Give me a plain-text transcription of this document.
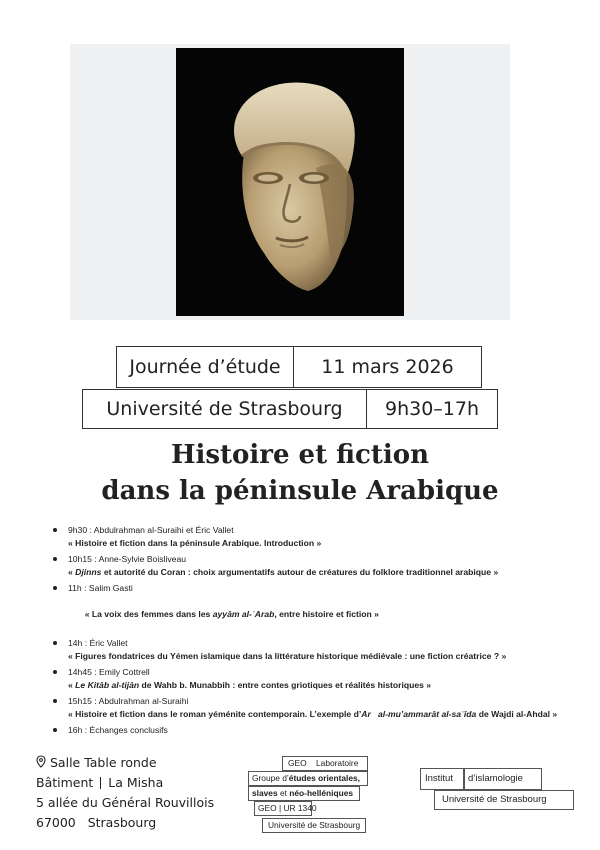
Journée d’étude 11 mars 2026
Université de Strasbourg 9h30–17h
Histoire et fiction
dans la péninsule Arabique
9h30 : Abdulrahman al-Suraihi et Éric Vallet
« Histoire et fiction dans la péninsule Arabique. Introduction »
10h15 : Anne-Sylvie Boisliveau
« Djinns et autorité du Coran : choix argumentatifs autour de créatures du folklore traditionnel arabique »
11h : Salim Gasti

« La voix des femmes dans les ayyām al-ʿArab, entre histoire et fiction »

14h : Éric Vallet
« Figures fondatrices du Yémen islamique dans la littérature historique médiévale : une fiction créatrice ? »
14h45 : Emily Cottrell
« Le Kitāb al-tijān de Wahb b. Munabbih : entre contes griotiques et réalités historiques »
15h15 : Abdulrahman al-Suraihi
« Histoire et fiction dans le roman yéménite contemporain. L’exemple d’Ar   al-mu’ammarāt al-saʿīda de Wajdi al-Ahdal »
16h : Échanges conclusifs
Salle Table ronde
Bâtiment La Misha
5 allée du Général Rouvillois
67000 Strasbourg
GEO Laboratoire
Groupe d’études orientales,
slaves et néo-helléniques
GEO | UR 1340
Université de Strasbourg
Institut d’islamologie
Université de Strasbourg
